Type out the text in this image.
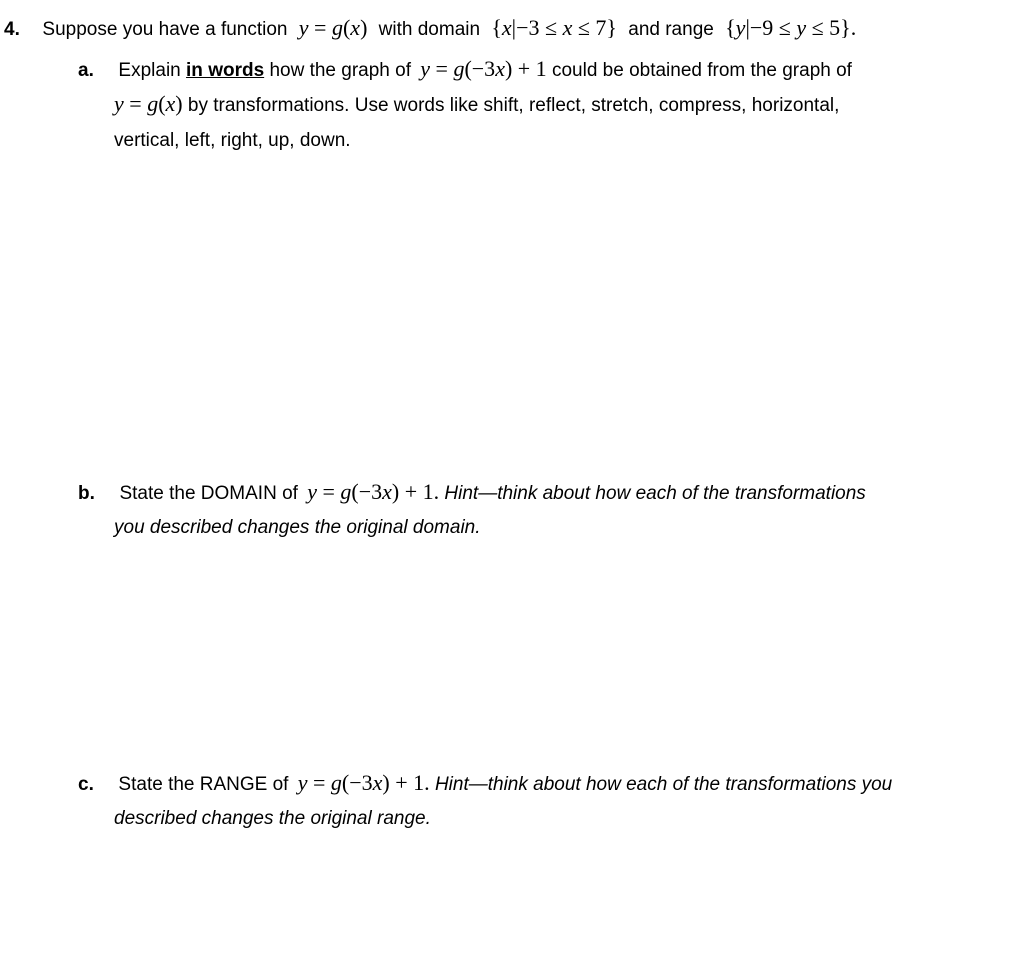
4. Suppose you have a function y = g(x) with domain {x|−3 ≤ x ≤ 7} and range {y|−9 ≤ y ≤ 5}.
a. Explain in words how the graph of y = g(−3x) + 1 could be obtained from the graph of
y = g(x) by transformations. Use words like shift, reflect, stretch, compress, horizontal,
vertical, left, right, up, down.
b. State the DOMAIN of y = g(−3x) + 1. Hint—think about how each of the transformations
you described changes the original domain.
c. State the RANGE of y = g(−3x) + 1. Hint—think about how each of the transformations you
described changes the original range.
